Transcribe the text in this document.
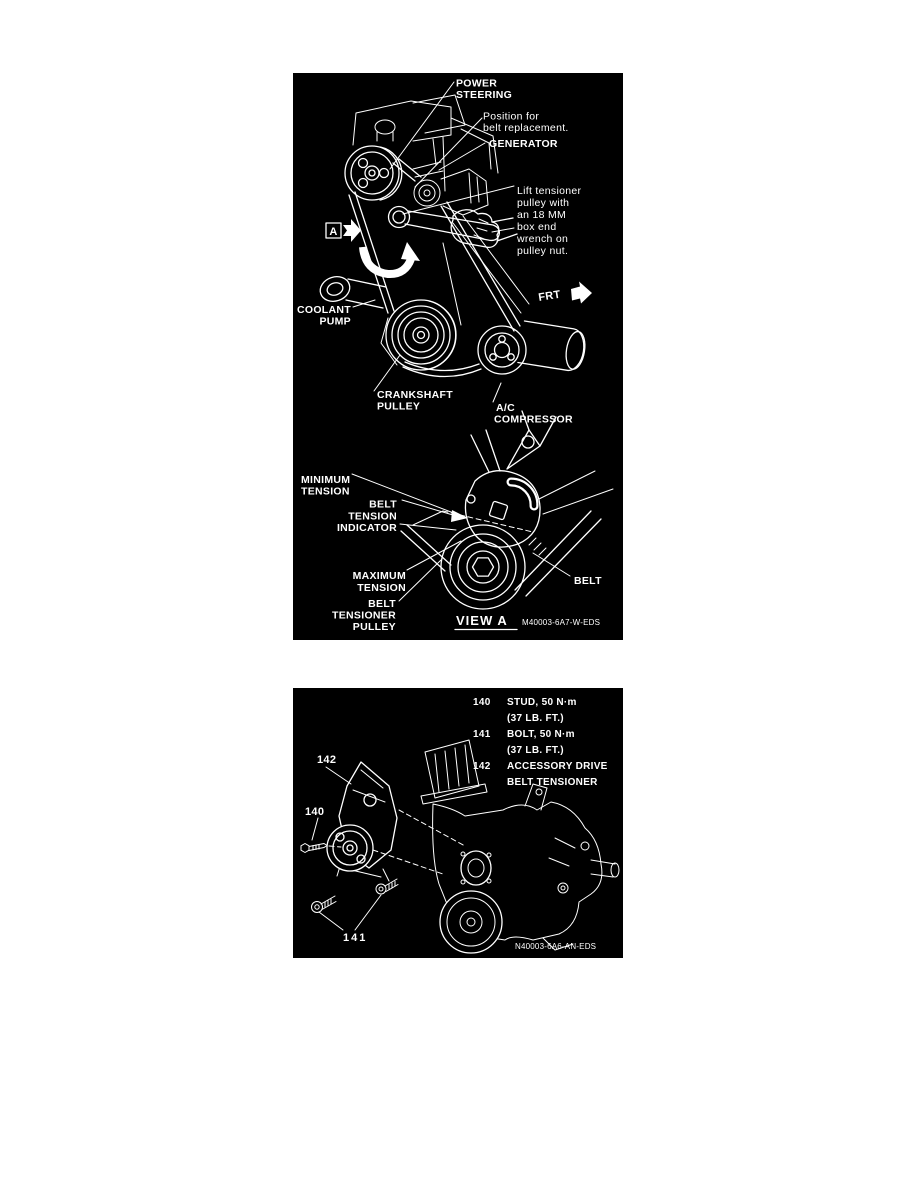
A
FRT
POWER
STEERING
Position for
belt replacement.
GENERATOR
Lift tensioner
pulley with
an 18 MM
box end
wrench on
pulley nut.
COOLANT
PUMP
CRANKSHAFT
PULLEY	A/C
COMPRESSOR
MINIMUM
TENSION
BELT
TENSION
INDICATOR
MAXIMUM
TENSION
BELT
TENSIONER
PULLEY
BELT
VIEW A M40003-6A7-W-EDS
140 STUD, 50 N·m
(37 LB. FT.)
141 BOLT, 50 N·m
(37 LB. FT.)
142 ACCESSORY DRIVE
BELT TENSIONER
142
140
141
N40003-6A6-AN-EDS
